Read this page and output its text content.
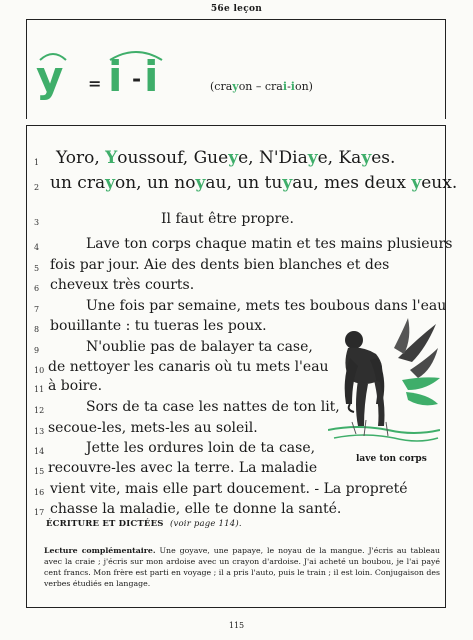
56e leçon
y = i - i	(crayon – crai-ion)
1
2
3
4
5
6
7
8
9
10
11
12
13
14
15
16
17
Yoro, Youssouf, Gueye, N'Diaye, Kayes.
un crayon, un noyau, un tuyau, mes deux yeux.
Il faut être propre.
Lave ton corps chaque matin et tes mains plusieurs
fois par jour. Aie des dents bien blanches et des
cheveux très courts.
Une fois par semaine, mets tes boubous dans l'eau
bouillante : tu tueras les poux.
N'oublie pas de balayer ta case,
de nettoyer les canaris où tu mets l'eau
à boire.
Sors de ta case les nattes de ton lit,
secoue-les, mets-les au soleil.
Jette les ordures loin de ta case,
recouvre-les avec la terre. La maladie
vient vite, mais elle part doucement. - La propreté
chasse la maladie, elle te donne la santé.
lave ton corps
ÉCRITURE ET DICTÉES (voir page 114).
Lecture complémentaire. Une goyave, une papaye, le noyau de la mangue. J'écris au tableau avec la craie ; j'écris sur mon ardoise avec un crayon d'ardoise. J'ai acheté un boubou, je l'ai payé cent francs. Mon frère est parti en voyage ; il a pris l'auto, puis le train ; il est loin. Conjugaison des verbes étudiés en langage.
115
